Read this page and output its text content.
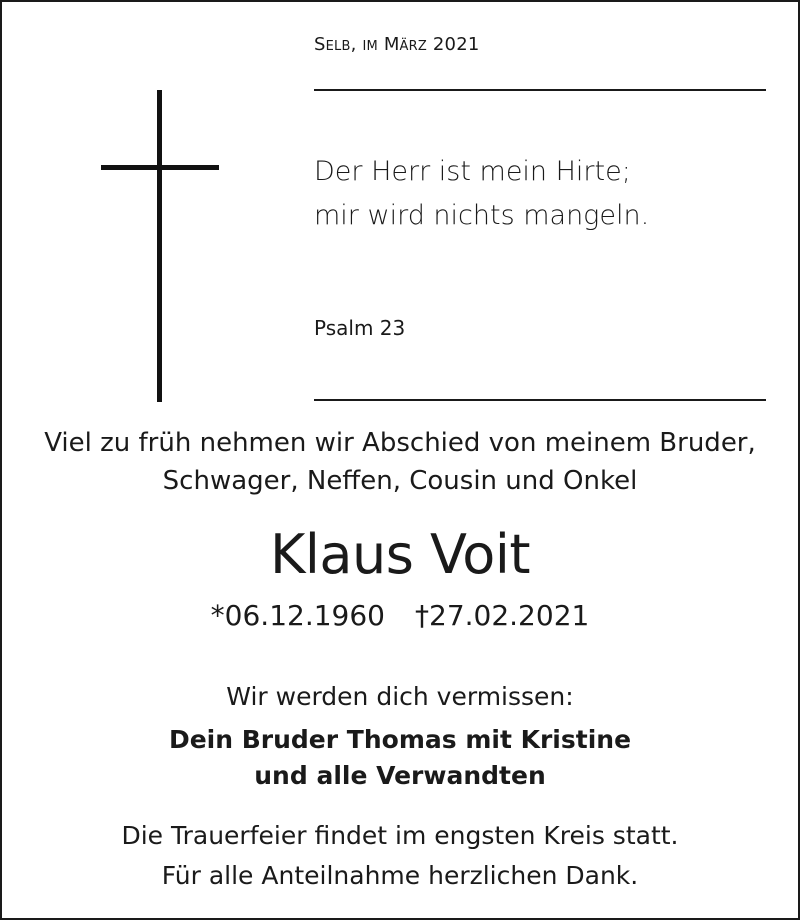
Selb, im März 2021
Der Herr ist mein Hirte;
mir wird nichts mangeln.
Psalm 23
Viel zu früh nehmen wir Abschied von meinem Bruder,
Schwager, Neffen, Cousin und Onkel
Klaus Voit
*06.12.1960 †27.02.2021
Wir werden dich vermissen:
Dein Bruder Thomas mit Kristine
und alle Verwandten
Die Trauerfeier findet im engsten Kreis statt.
Für alle Anteilnahme herzlichen Dank.
